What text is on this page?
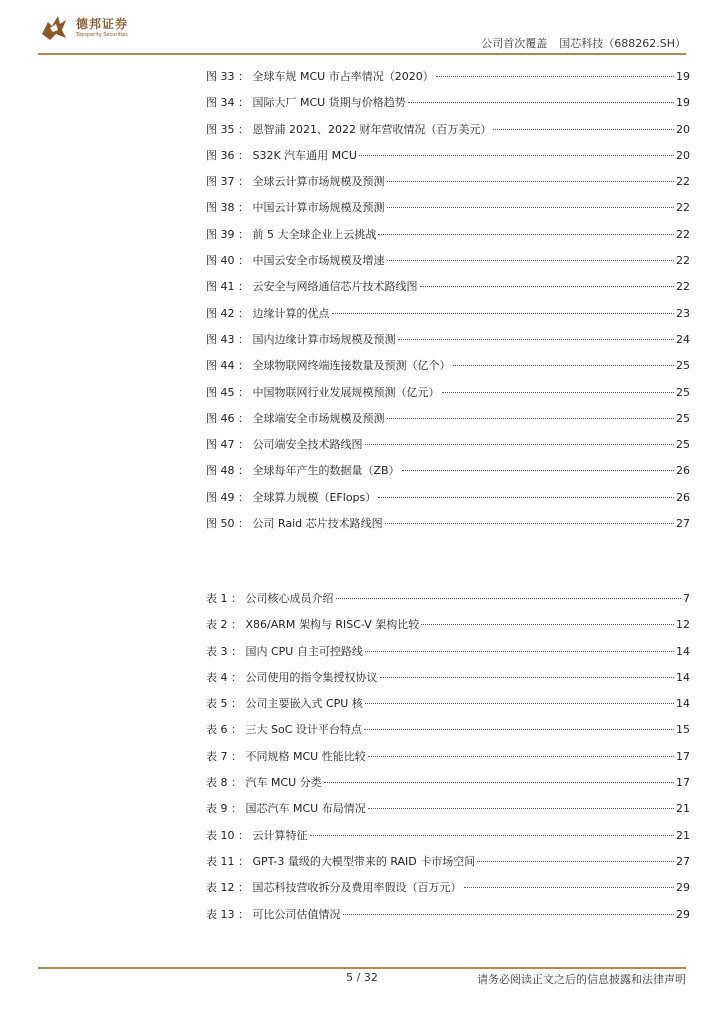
德邦证券
Topsperity Securities
公司首次覆盖 国芯科技（688262.SH）
图 33 ： 全球车规 MCU 市占率情况（2020）	19
图 34 ： 国际大厂 MCU 货期与价格趋势	19
图 35 ： 恩智浦 2021、2022 财年营收情况（百万美元）	20
图 36 ： S32K 汽车通用 MCU	20
图 37 ： 全球云计算市场规模及预测	22
图 38 ： 中国云计算市场规模及预测	22
图 39 ： 前 5 大全球企业上云挑战	22
图 40 ： 中国云安全市场规模及增速	22
图 41 ： 云安全与网络通信芯片技术路线图	22
图 42 ： 边缘计算的优点	23
图 43 ： 国内边缘计算市场规模及预测	24
图 44 ： 全球物联网终端连接数量及预测（亿个）	25
图 45 ： 中国物联网行业发展规模预测（亿元）	25
图 46 ： 全球端安全市场规模及预测	25
图 47 ： 公司端安全技术路线图	25
图 48 ： 全球每年产生的数据量（ZB）	26
图 49 ： 全球算力规模（EFlops）	26
图 50 ： 公司 Raid 芯片技术路线图	27
表 1 ： 公司核心成员介绍	7
表 2 ： X86/ARM 架构与 RISC-V 架构比较	12
表 3 ： 国内 CPU 自主可控路线	14
表 4 ： 公司使用的指令集授权协议	14
表 5 ： 公司主要嵌入式 CPU 核	14
表 6 ： 三大 SoC 设计平台特点	15
表 7 ： 不同规格 MCU 性能比较	17
表 8 ： 汽车 MCU 分类	17
表 9 ： 国芯汽车 MCU 布局情况	21
表 10 ： 云计算特征	21
表 11 ： GPT-3 量级的大模型带来的 RAID 卡市场空间	27
表 12 ： 国芯科技营收拆分及费用率假设（百万元）	29
表 13 ： 可比公司估值情况	29
5 / 32	请务必阅读正文之后的信息披露和法律声明
